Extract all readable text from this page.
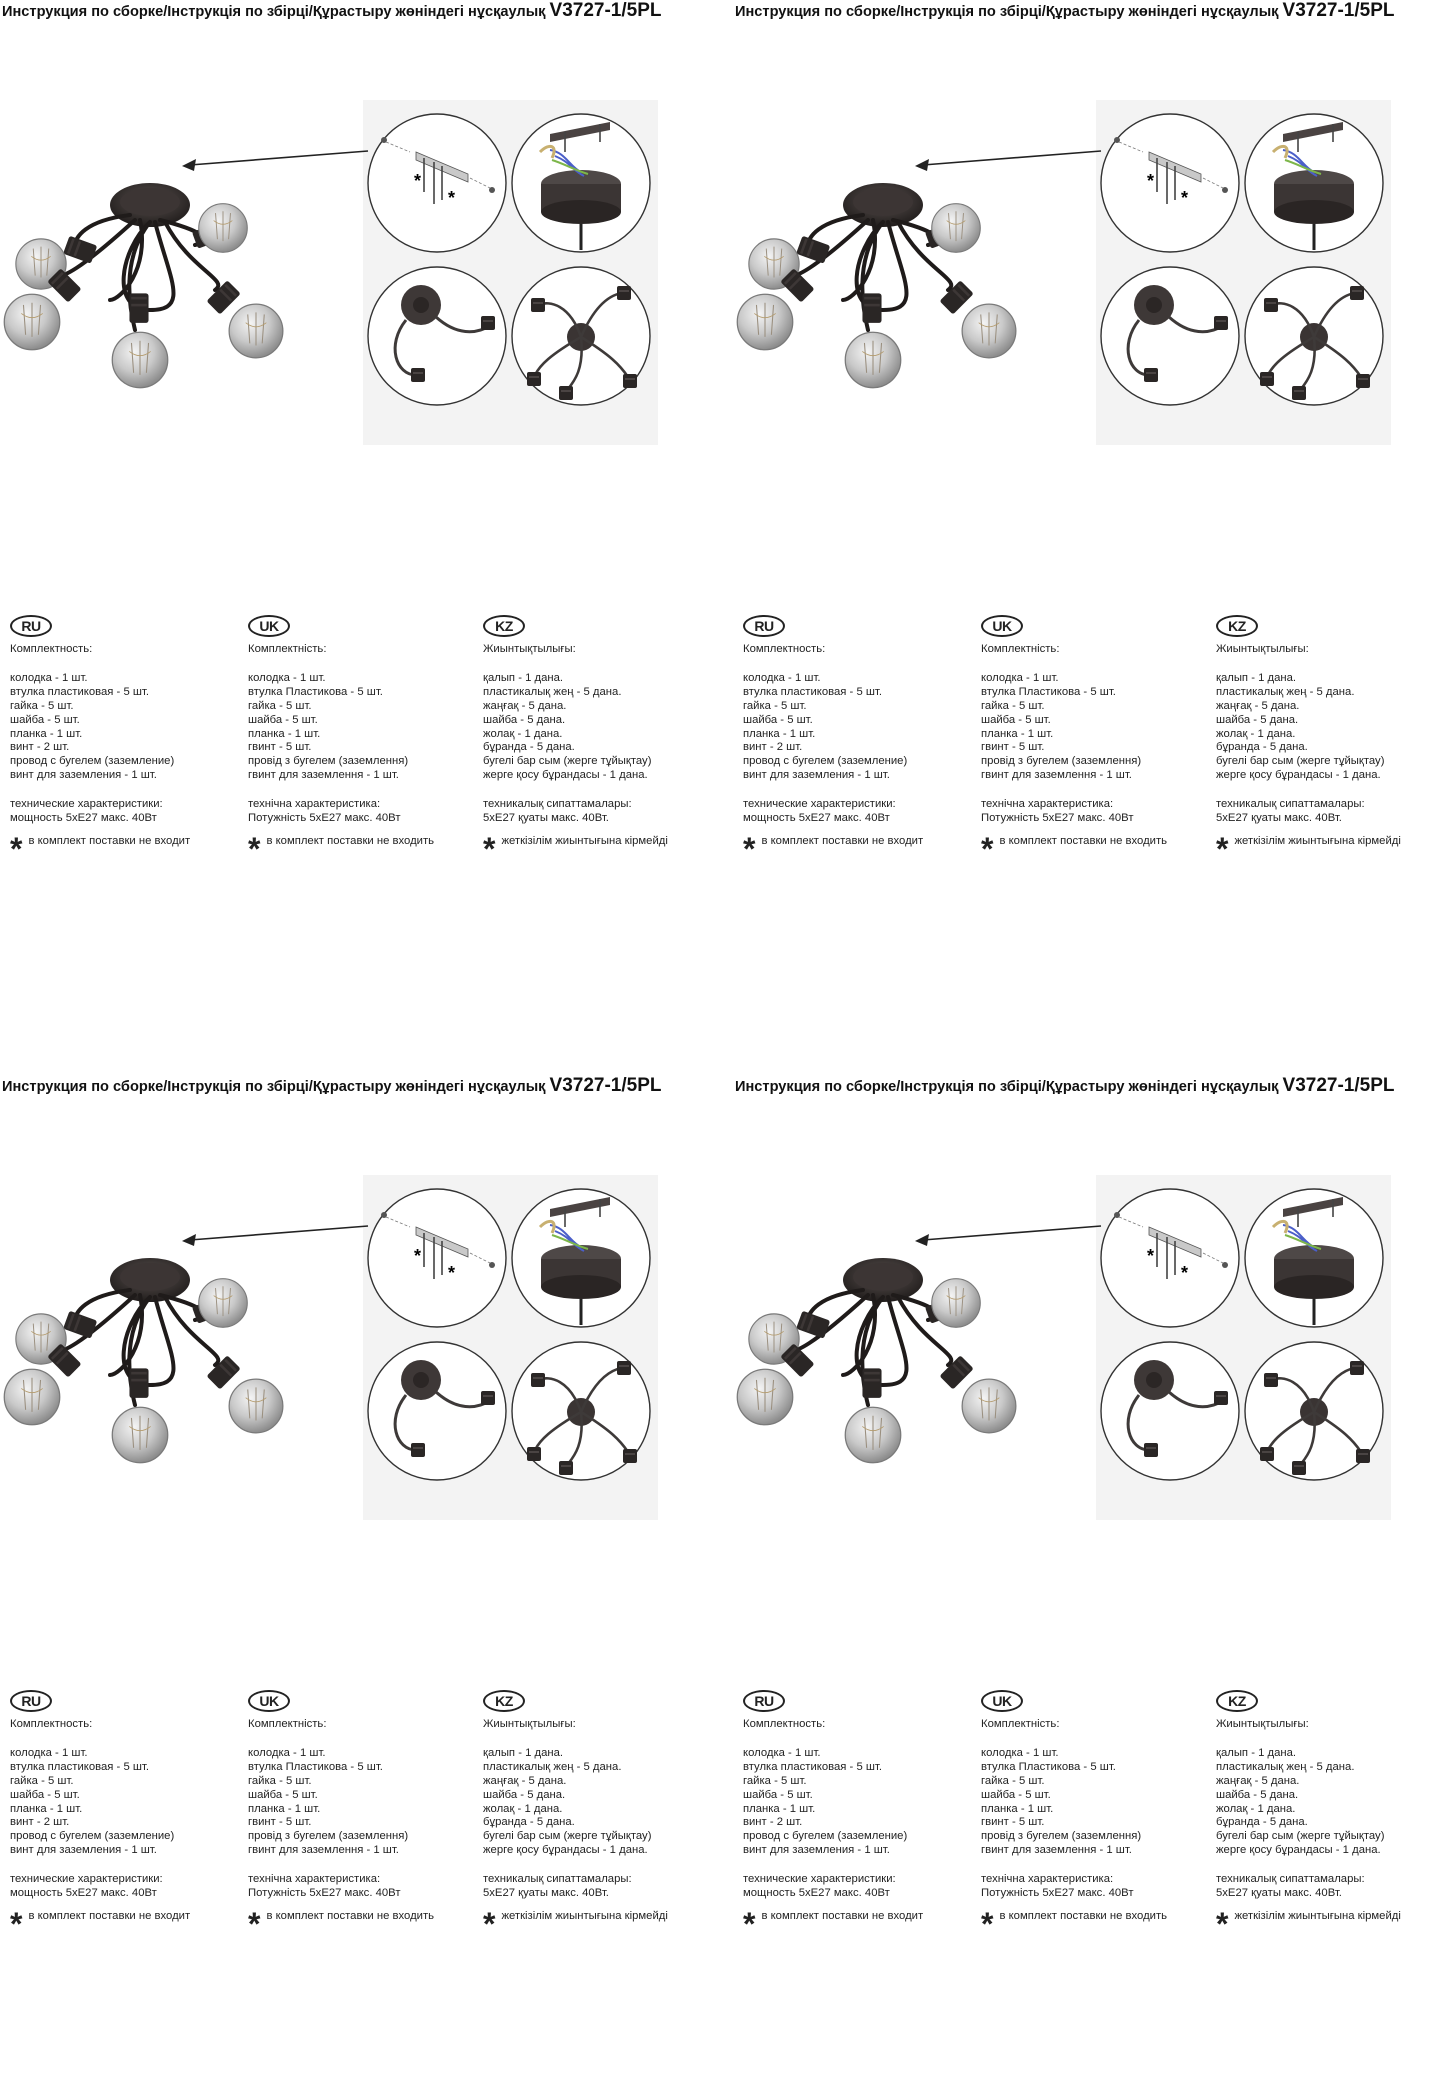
Инструкция по сборке/Інструкція по збірці/Құрастыру жөніндегі нұсқаулық V3727-1/5PL
*
*
RU
Комплектность:
колодка - 1 шт.
втулка пластиковая - 5 шт.
гайка - 5 шт.
шайба - 5 шт.
планка - 1 шт.
винт - 2 шт.
провод с бугелем (заземление)
винт для заземления - 1 шт.
технические характеристики:
мощность 5хЕ27 макс. 40Вт
* в комплект поставки не входит
UK
Комплектність:
колодка - 1 шт.
втулка Пластикова - 5 шт.
гайка - 5 шт.
шайба - 5 шт.
планка - 1 шт.
гвинт - 5 шт.
провід з бугелем (заземлення)
гвинт для заземлення - 1 шт.
технічна характеристика:
Потужність 5хЕ27 макс. 40Вт
* в комплект поставки не входить
KZ
Жиынтықтылығы:
қалып - 1 дана.
пластикалық жең - 5 дана.
жаңғақ - 5 дана.
шайба - 5 дана.
жолақ - 1 дана.
бұранда - 5 дана.
бугелі бар сым (жерге тұйықтау)
жерге қосу бұрандасы - 1 дана.
техникалық сипаттамалары:
5хЕ27 қуаты макс. 40Вт.
* жеткізілім жиынтығына кірмейді
Инструкция по сборке/Інструкція по збірці/Құрастыру жөніндегі нұсқаулық V3727-1/5PL
*
*
RU
Комплектность:
колодка - 1 шт.
втулка пластиковая - 5 шт.
гайка - 5 шт.
шайба - 5 шт.
планка - 1 шт.
винт - 2 шт.
провод с бугелем (заземление)
винт для заземления - 1 шт.
технические характеристики:
мощность 5хЕ27 макс. 40Вт
* в комплект поставки не входит
UK
Комплектність:
колодка - 1 шт.
втулка Пластикова - 5 шт.
гайка - 5 шт.
шайба - 5 шт.
планка - 1 шт.
гвинт - 5 шт.
провід з бугелем (заземлення)
гвинт для заземлення - 1 шт.
технічна характеристика:
Потужність 5хЕ27 макс. 40Вт
* в комплект поставки не входить
KZ
Жиынтықтылығы:
қалып - 1 дана.
пластикалық жең - 5 дана.
жаңғақ - 5 дана.
шайба - 5 дана.
жолақ - 1 дана.
бұранда - 5 дана.
бугелі бар сым (жерге тұйықтау)
жерге қосу бұрандасы - 1 дана.
техникалық сипаттамалары:
5хЕ27 қуаты макс. 40Вт.
* жеткізілім жиынтығына кірмейді
Инструкция по сборке/Інструкція по збірці/Құрастыру жөніндегі нұсқаулық V3727-1/5PL
*
*
RU
Комплектность:
колодка - 1 шт.
втулка пластиковая - 5 шт.
гайка - 5 шт.
шайба - 5 шт.
планка - 1 шт.
винт - 2 шт.
провод с бугелем (заземление)
винт для заземления - 1 шт.
технические характеристики:
мощность 5хЕ27 макс. 40Вт
* в комплект поставки не входит
UK
Комплектність:
колодка - 1 шт.
втулка Пластикова - 5 шт.
гайка - 5 шт.
шайба - 5 шт.
планка - 1 шт.
гвинт - 5 шт.
провід з бугелем (заземлення)
гвинт для заземлення - 1 шт.
технічна характеристика:
Потужність 5хЕ27 макс. 40Вт
* в комплект поставки не входить
KZ
Жиынтықтылығы:
қалып - 1 дана.
пластикалық жең - 5 дана.
жаңғақ - 5 дана.
шайба - 5 дана.
жолақ - 1 дана.
бұранда - 5 дана.
бугелі бар сым (жерге тұйықтау)
жерге қосу бұрандасы - 1 дана.
техникалық сипаттамалары:
5хЕ27 қуаты макс. 40Вт.
* жеткізілім жиынтығына кірмейді
Инструкция по сборке/Інструкція по збірці/Құрастыру жөніндегі нұсқаулық V3727-1/5PL
*
*
RU
Комплектность:
колодка - 1 шт.
втулка пластиковая - 5 шт.
гайка - 5 шт.
шайба - 5 шт.
планка - 1 шт.
винт - 2 шт.
провод с бугелем (заземление)
винт для заземления - 1 шт.
технические характеристики:
мощность 5хЕ27 макс. 40Вт
* в комплект поставки не входит
UK
Комплектність:
колодка - 1 шт.
втулка Пластикова - 5 шт.
гайка - 5 шт.
шайба - 5 шт.
планка - 1 шт.
гвинт - 5 шт.
провід з бугелем (заземлення)
гвинт для заземлення - 1 шт.
технічна характеристика:
Потужність 5хЕ27 макс. 40Вт
* в комплект поставки не входить
KZ
Жиынтықтылығы:
қалып - 1 дана.
пластикалық жең - 5 дана.
жаңғақ - 5 дана.
шайба - 5 дана.
жолақ - 1 дана.
бұранда - 5 дана.
бугелі бар сым (жерге тұйықтау)
жерге қосу бұрандасы - 1 дана.
техникалық сипаттамалары:
5хЕ27 қуаты макс. 40Вт.
* жеткізілім жиынтығына кірмейді
